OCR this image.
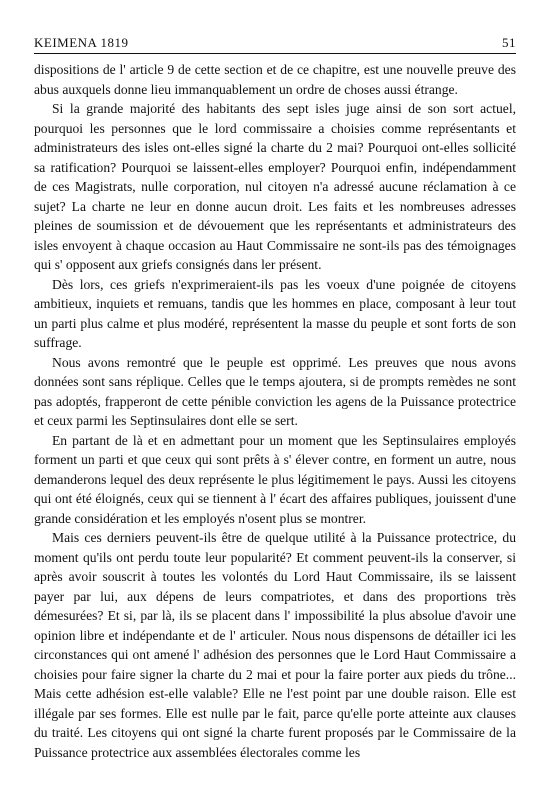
KEIMENA 1819	51

dispositions de l' article 9 de cette section et de ce chapitre, est une nouvelle preuve des abus auxquels donne lieu immanquablement un ordre de choses aussi étrange.

Si la grande majorité des habitants des sept isles juge ainsi de son sort actuel, pourquoi les personnes que le lord commissaire a choisies comme représentants et administrateurs des isles ont-elles signé la charte du 2 mai? Pourquoi ont-elles sollicité sa ratification? Pourquoi se laissent-elles employer? Pourquoi enfin, indépendamment de ces Magistrats, nulle corporation, nul citoyen n'a adressé aucune réclamation à ce sujet? La charte ne leur en donne aucun droit. Les faits et les nombreuses adresses pleines de soumission et de dévouement que les représentants et administrateurs des isles envoyent à chaque occasion au Haut Commissaire ne sont-ils pas des témoignages qui s' opposent aux griefs consignés dans ler présent.

Dès lors, ces griefs n'exprimeraient-ils pas les voeux d'une poignée de citoyens ambitieux, inquiets et remuans, tandis que les hommes en place, composant à leur tout un parti plus calme et plus modéré, représentent la masse du peuple et sont forts de son suffrage.

Nous avons remontré que le peuple est opprimé. Les preuves que nous avons données sont sans réplique. Celles que le temps ajoutera, si de prompts remèdes ne sont pas adoptés, frapperont de cette pénible conviction les agens de la Puissance protectrice et ceux parmi les Septinsulaires dont elle se sert.

En partant de là et en admettant pour un moment que les Septinsulaires employés forment un parti et que ceux qui sont prêts à s' élever contre, en forment un autre, nous demanderons lequel des deux représente le plus légitimement le pays. Aussi les citoyens qui ont été éloignés, ceux qui se tiennent à l' écart des affaires publiques, jouissent d'une grande considération et les employés n'osent plus se montrer.

Mais ces derniers peuvent-ils être de quelque utilité à la Puissance protectrice, du moment qu'ils ont perdu toute leur popularité? Et comment peuvent-ils la conserver, si après avoir souscrit à toutes les volontés du Lord Haut Commissaire, ils se laissent payer par lui, aux dépens de leurs compatriotes, et dans des proportions très démesurées? Et si, par là, ils se placent dans l' impossibilité la plus absolue d'avoir une opinion libre et indépendante et de l' articuler. Nous nous dispensons de détailler ici les circonstances qui ont amené l' adhésion des personnes que le Lord Haut Commissaire a choisies pour faire signer la charte du 2 mai et pour la faire porter aux pieds du trône... Mais cette adhésion est-elle valable? Elle ne l'est point par une double raison. Elle est illégale par ses formes. Elle est nulle par le fait, parce qu'elle porte atteinte aux clauses du traité. Les citoyens qui ont signé la charte furent proposés par le Commissaire de la Puissance protectrice aux assemblées électorales comme les
